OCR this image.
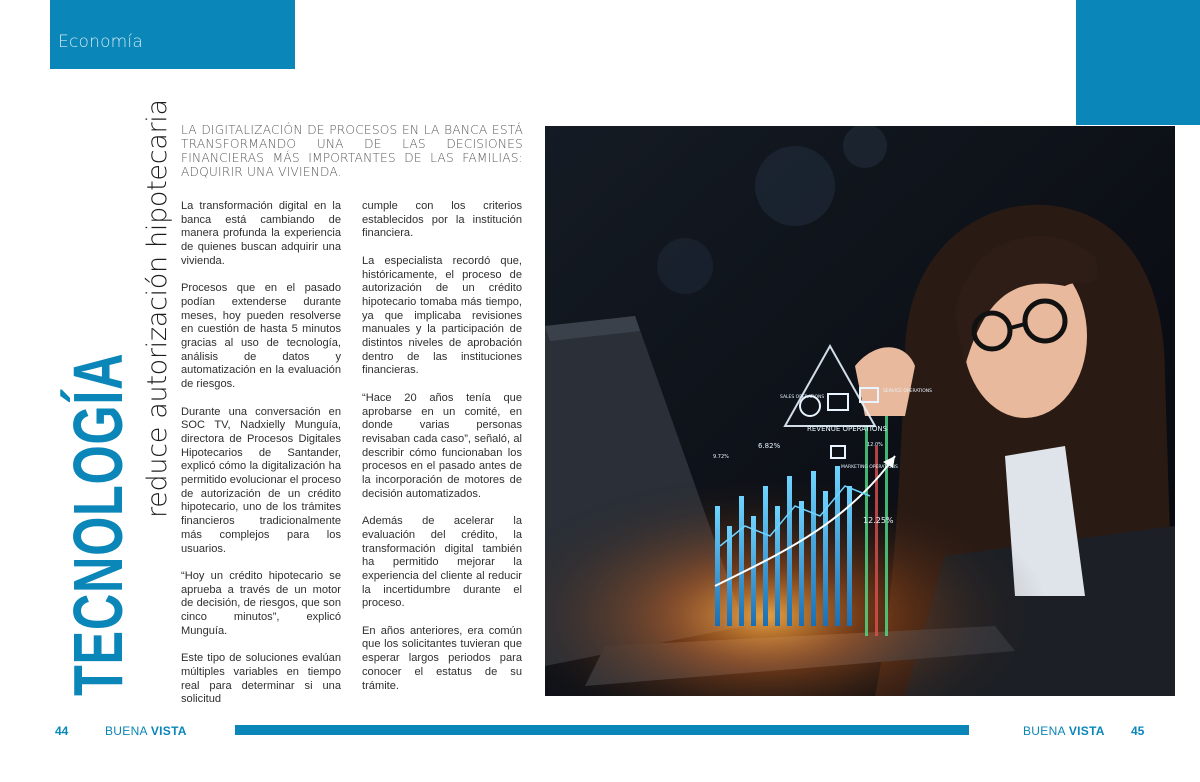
Economía
TECNOLOGÍA
reduce autorización hipotecaria LA DIGITALIZACIÓN DE PROCESOS EN LA BANCA ESTÁ TRANSFORMANDO UNA DE LAS DECISIONES FINANCIERAS MÁS IMPORTANTES DE LAS FAMILIAS: ADQUIRIR UNA VIVIENDA.

La transformación digital en la banca está cambiando de manera profunda la experiencia de quienes buscan adquirir una vivienda.

Procesos que en el pasado podían extenderse durante meses, hoy pueden resolverse en cuestión de hasta 5 minutos gracias al uso de tecnología, análisis de datos y automatización en la evaluación de riesgos.

Durante una conversación en SOC TV, Nadxielly Munguía, directora de Procesos Digitales Hipotecarios de Santander, explicó cómo la digitalización ha permitido evolucionar el proceso de autorización de un crédito hipotecario, uno de los trámites financieros tradicionalmente más complejos para los usuarios.

“Hoy un crédito hipotecario se aprueba a través de un motor de decisión, de riesgos, que son cinco minutos”, explicó Munguía.

Este tipo de soluciones evalúan múltiples variables en tiempo real para determinar si una solicitud

cumple con los criterios establecidos por la institución financiera.

La especialista recordó que, históricamente, el proceso de autorización de un crédito hipotecario tomaba más tiempo, ya que implicaba revisiones manuales y la participación de distintos niveles de aprobación dentro de las instituciones financieras.

“Hace 20 años tenía que aprobarse en un comité, en donde varias personas revisaban cada caso”, señaló, al describir cómo funcionaban los procesos en el pasado antes de la incorporación de motores de decisión automatizados.

Además de acelerar la evaluación del crédito, la transformación digital también ha permitido mejorar la experiencia del cliente al reducir la incertidumbre durante el proceso.

En años anteriores, era común que los solicitantes tuvieran que esperar largos periodos para conocer el estatus de su trámite.

REVENUE OPERATIONS
SALES OPERATIONS
SERVICE OPERATIONS
MARKETING OPERATIONS
6.82%
9.72%
12.0%
12.25%
44	BUENA VISTA	BUENA VISTA 45
